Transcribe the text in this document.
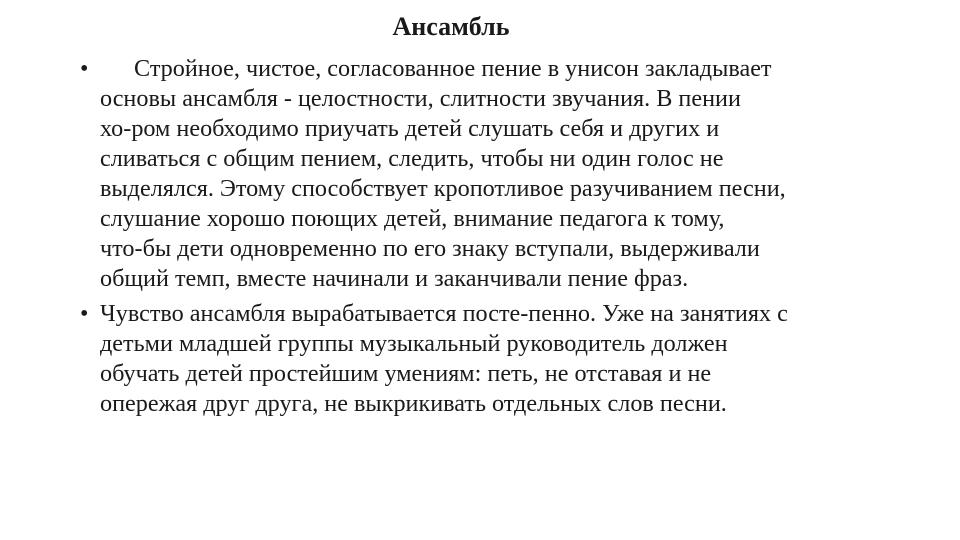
Ансамбль
• Стройное, чистое, согласованное пение в унисон закладывает
основы ансамбля - целостности, слитности звучания. В пении
хо-ром необходимо приучать детей слушать себя и других и
сливаться с общим пением, следить, чтобы ни один голос не
выделялся. Этому способствует кропотливое разучиванием песни,
слушание хорошо поющих детей, внимание педагога к тому,
что-бы дети одновременно по его знаку вступали, выдерживали
общий темп, вместе начинали и заканчивали пение фраз.
• Чувство ансамбля вырабатывается посте-пенно. Уже на занятиях с
детьми младшей группы музыкальный руководитель должен
обучать детей простейшим умениям: петь, не отставая и не
опережая друг друга, не выкрикивать отдельных слов песни.
